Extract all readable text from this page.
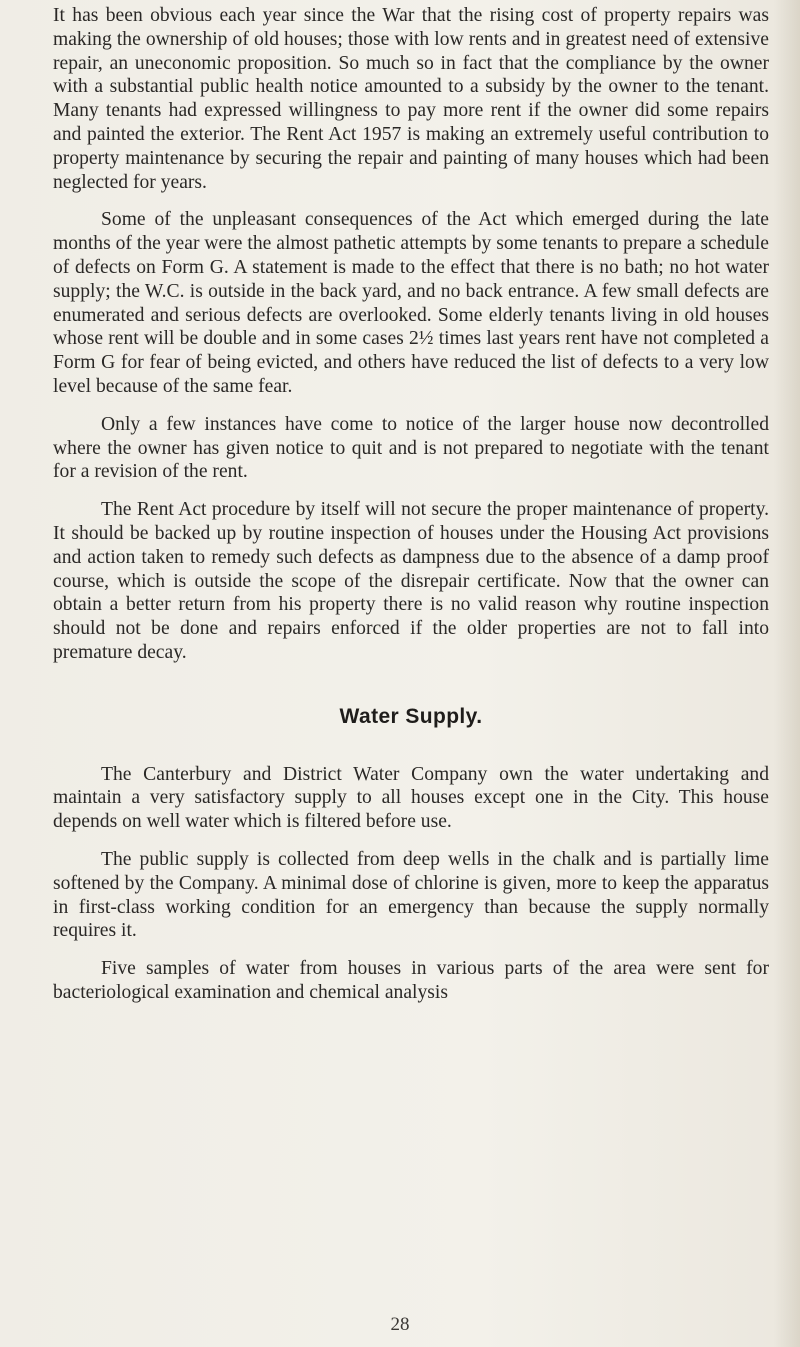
It has been obvious each year since the War that the rising cost of property repairs was making the ownership of old houses; those with low rents and in greatest need of extensive repair, an uneconomic proposition. So much so in fact that the compliance by the owner with a substantial public health notice amounted to a subsidy by the owner to the tenant. Many tenants had expressed willingness to pay more rent if the owner did some repairs and painted the exterior. The Rent Act 1957 is making an extremely useful contribution to property maintenance by securing the repair and painting of many houses which had been neglected for years.

Some of the unpleasant consequences of the Act which emerged during the late months of the year were the almost pathetic attempts by some tenants to prepare a schedule of defects on Form G. A statement is made to the effect that there is no bath; no hot water supply; the W.C. is outside in the back yard, and no back entrance. A few small defects are enumerated and serious defects are overlooked. Some elderly tenants living in old houses whose rent will be double and in some cases 2½ times last years rent have not completed a Form G for fear of being evicted, and others have reduced the list of defects to a very low level because of the same fear.

Only a few instances have come to notice of the larger house now decontrolled where the owner has given notice to quit and is not prepared to negotiate with the tenant for a revision of the rent.

The Rent Act procedure by itself will not secure the proper maintenance of property. It should be backed up by routine inspection of houses under the Housing Act provisions and action taken to remedy such defects as dampness due to the absence of a damp proof course, which is outside the scope of the disrepair certificate. Now that the owner can obtain a better return from his property there is no valid reason why routine inspection should not be done and repairs enforced if the older properties are not to fall into premature decay.

Water Supply.

The Canterbury and District Water Company own the water undertaking and maintain a very satisfactory supply to all houses except one in the City. This house depends on well water which is filtered before use.

The public supply is collected from deep wells in the chalk and is partially lime softened by the Company. A minimal dose of chlorine is given, more to keep the apparatus in first-class working condition for an emergency than because the supply normally requires it.

Five samples of water from houses in various parts of the area were sent for bacteriological examination and chemical analysis

28
